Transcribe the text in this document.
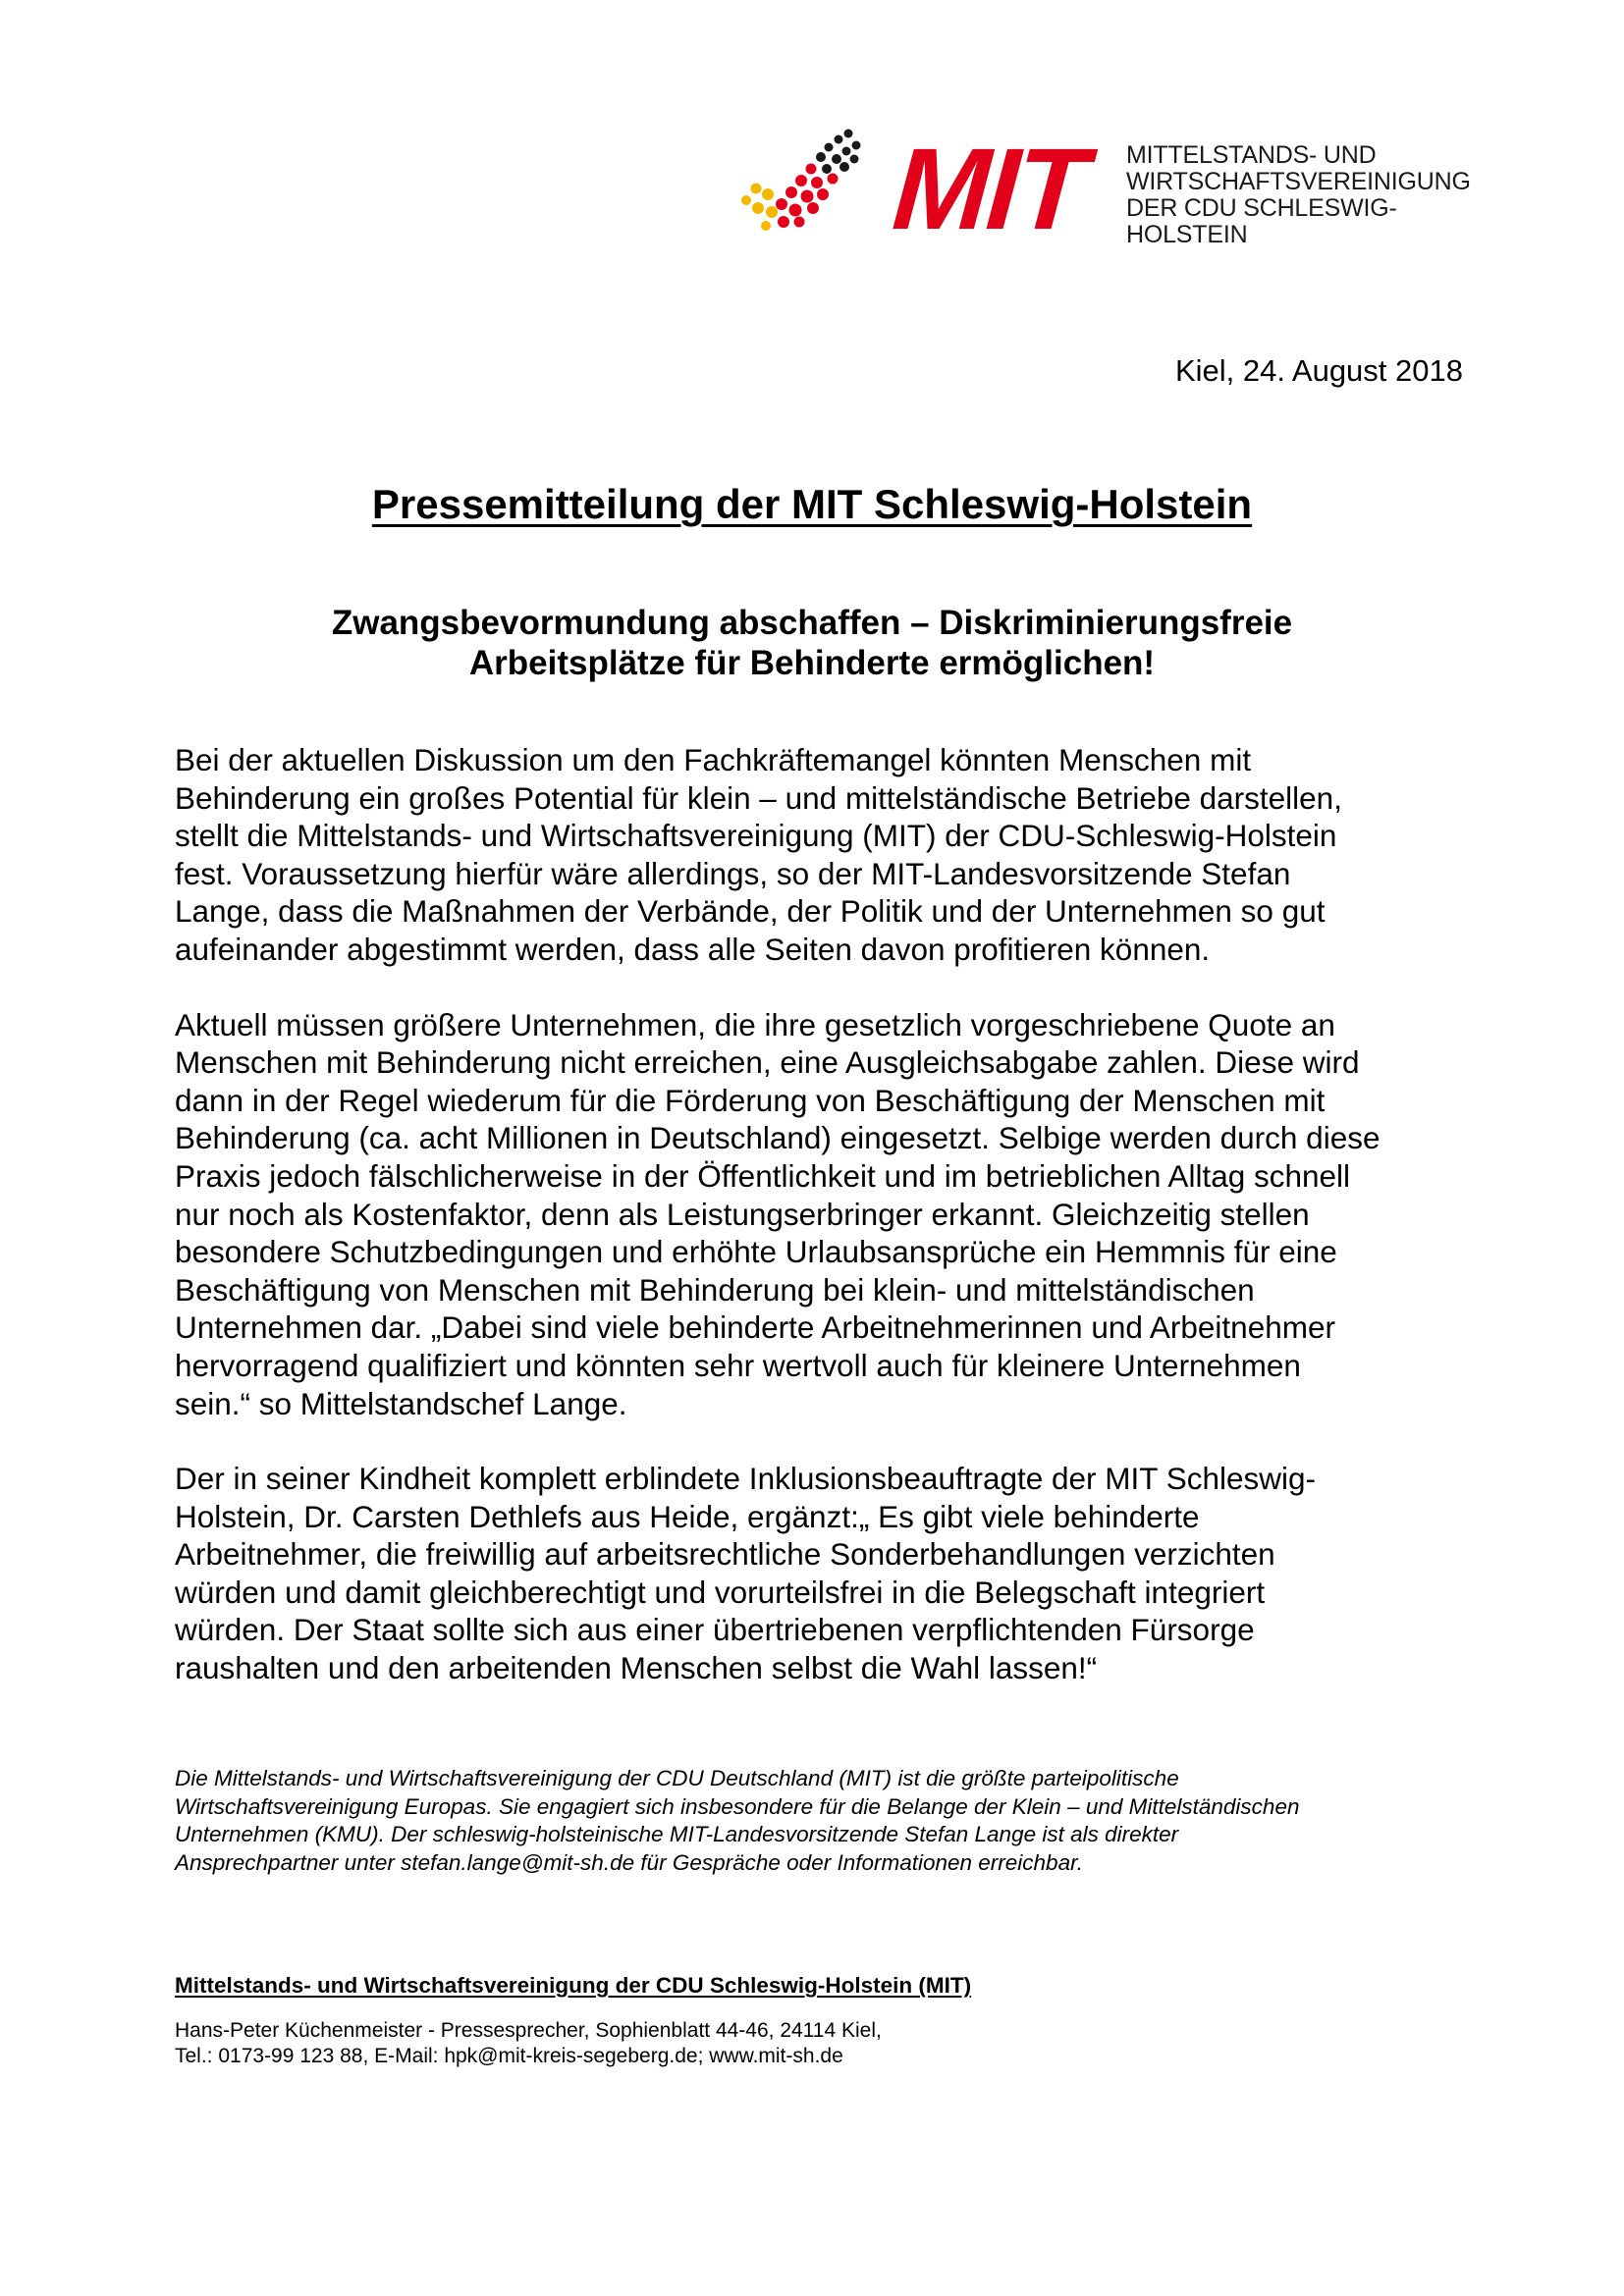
MIT MITTELSTANDS- UND
WIRTSCHAFTSVEREINIGUNG
DER CDU SCHLESWIG-HOLSTEIN
Kiel, 24. August 2018
Pressemitteilung der MIT Schleswig-Holstein
Zwangsbevormundung abschaffen – Diskriminierungsfreie
Arbeitsplätze für Behinderte ermöglichen!

Bei der aktuellen Diskussion um den Fachkräftemangel könnten Menschen mit
Behinderung ein großes Potential für klein – und mittelständische Betriebe darstellen,
stellt die Mittelstands- und Wirtschaftsvereinigung (MIT) der CDU-Schleswig-Holstein
fest. Voraussetzung hierfür wäre allerdings, so der MIT-Landesvorsitzende Stefan
Lange, dass die Maßnahmen der Verbände, der Politik und der Unternehmen so gut
aufeinander abgestimmt werden, dass alle Seiten davon profitieren können.

Aktuell müssen größere Unternehmen, die ihre gesetzlich vorgeschriebene Quote an
Menschen mit Behinderung nicht erreichen, eine Ausgleichsabgabe zahlen. Diese wird
dann in der Regel wiederum für die Förderung von Beschäftigung der Menschen mit
Behinderung (ca. acht Millionen in Deutschland) eingesetzt. Selbige werden durch diese
Praxis jedoch fälschlicherweise in der Öffentlichkeit und im betrieblichen Alltag schnell
nur noch als Kostenfaktor, denn als Leistungserbringer erkannt. Gleichzeitig stellen
besondere Schutzbedingungen und erhöhte Urlaubsansprüche ein Hemmnis für eine
Beschäftigung von Menschen mit Behinderung bei klein- und mittelständischen
Unternehmen dar. „Dabei sind viele behinderte Arbeitnehmerinnen und Arbeitnehmer
hervorragend qualifiziert und könnten sehr wertvoll auch für kleinere Unternehmen
sein.“ so Mittelstandschef Lange.

Der in seiner Kindheit komplett erblindete Inklusionsbeauftragte der MIT Schleswig-
Holstein, Dr. Carsten Dethlefs aus Heide, ergänzt:„ Es gibt viele behinderte
Arbeitnehmer, die freiwillig auf arbeitsrechtliche Sonderbehandlungen verzichten
würden und damit gleichberechtigt und vorurteilsfrei in die Belegschaft integriert
würden. Der Staat sollte sich aus einer übertriebenen verpflichtenden Fürsorge
raushalten und den arbeitenden Menschen selbst die Wahl lassen!“

Die Mittelstands- und Wirtschaftsvereinigung der CDU Deutschland (MIT) ist die größte parteipolitische
Wirtschaftsvereinigung Europas. Sie engagiert sich insbesondere für die Belange der Klein – und Mittelständischen
Unternehmen (KMU). Der schleswig-holsteinische MIT-Landesvorsitzende Stefan Lange ist als direkter
Ansprechpartner unter stefan.lange@mit-sh.de für Gespräche oder Informationen erreichbar.
Mittelstands- und Wirtschaftsvereinigung der CDU Schleswig-Holstein (MIT)
Hans-Peter Küchenmeister - Pressesprecher, Sophienblatt 44-46, 24114 Kiel,
Tel.: 0173-99 123 88, E-Mail: hpk@mit-kreis-segeberg.de; www.mit-sh.de
